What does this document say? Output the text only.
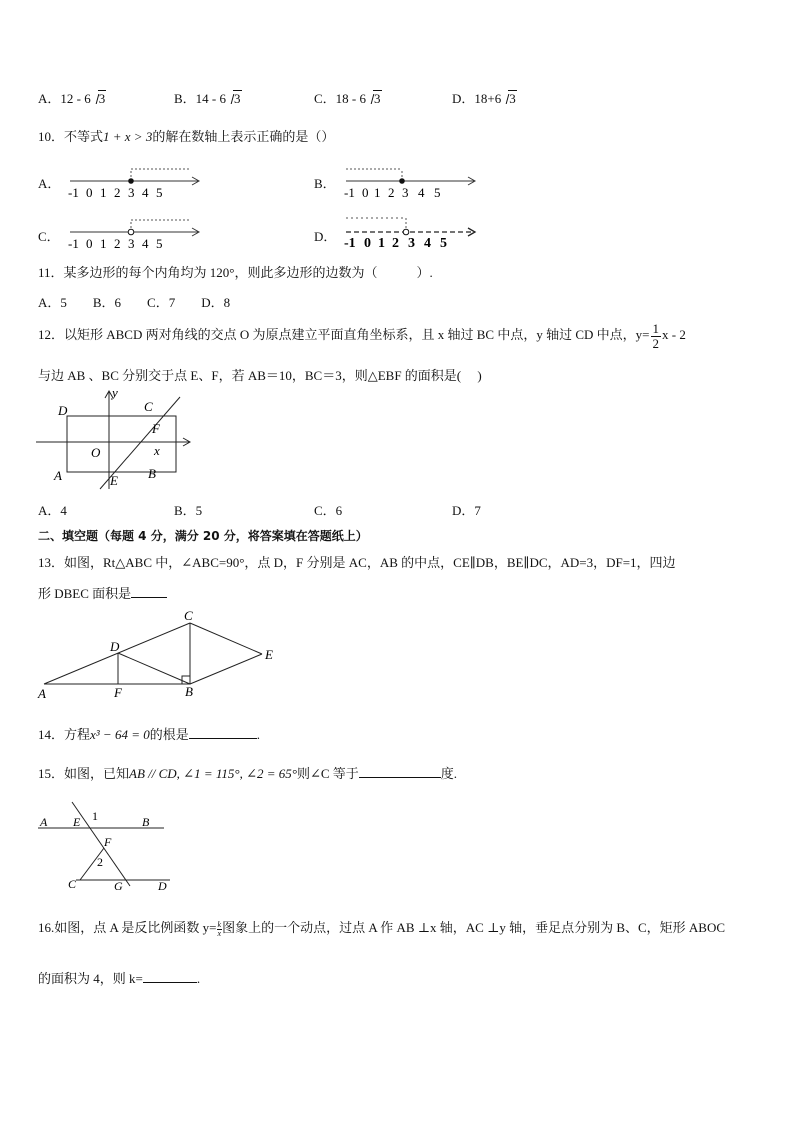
A．12 - 6 3	B．14 - 6 3	C．18 - 6 3	D．18+6 3
10．不等式1 + x > 3的解在数轴上表示正确的是（）
A．	B．
C．	D．
-1 0 1 2 3 4 5	-1 0 1 2 3 4 5
-1 0 1 2 3 4 5	-1 0 1 2 3 4 5
11．某多边形的每个内角均为 120°，则此多边形的边数为（　　　）.
A．5　　B．6　　C．7　　D．8
12．以矩形 ABCD 两对角线的交点 O 为原点建立平面直角坐标系，且 x 轴过 BC 中点，y 轴过 CD 中点，$y= \frac{1}{2}$ x - 2
与边 AB 、BC 分别交于点 E、F，若 AB＝10，BC＝3，则△EBF 的面积是(　 )
D	C
F
O	x
y
A	E B
A．4	B．5	C．6	D．7
二、填空题（每题 4 分，满分 20 分，将答案填在答题纸上）
13．如图，Rt△ABC 中，∠ABC=90°，点 D，F 分别是 AC，AB 的中点，CE∥DB，BE∥DC，AD=3，DF=1，四边
形 DBEC 面积是
C
D
E
A	F	B
14．方程x³ − 64 = 0的根是	.
15．如图，已知AB // CD, ∠1 = 115°, ∠2 = 65°则∠C 等于	度.
A E 1	B
F
2
C	G	D
16.如图，点 A 是反比例函数 $y= \frac{k}{x}$ 图象上的一个动点，过点 A 作 AB ⊥x 轴，AC ⊥y 轴，垂足点分别为 B、C，矩形 ABOC
的面积为 4，则 k=	.
